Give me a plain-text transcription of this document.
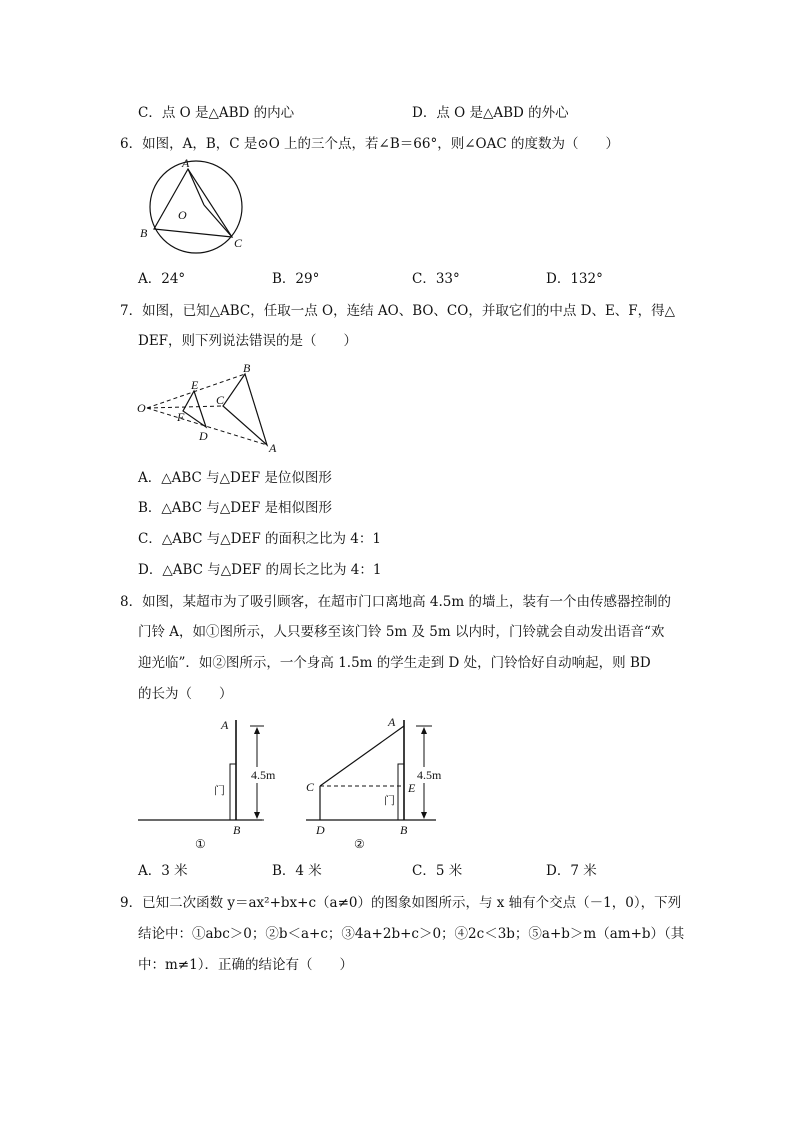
C．点 O 是△ABD 的内心	D．点 O 是△ABD 的外心
6．如图，A，B，C 是⊙O 上的三个点，若∠B＝66°，则∠OAC 的度数为（　　）
A
B
C
O
A．24°	B．29°	C．33°	D．132°
7．如图，已知△ABC，任取一点 O，连结 AO、BO、CO，并取它们的中点 D、E、F，得△
DEF，则下列说法错误的是（　　）
O
E
F
D
B
C
A
A．△ABC 与△DEF 是位似图形
B．△ABC 与△DEF 是相似图形
C．△ABC 与△DEF 的面积之比为 4：1
D．△ABC 与△DEF 的周长之比为 4：1
8．如图，某超市为了吸引顾客，在超市门口离地高 4.5m 的墙上，装有一个由传感器控制的
门铃 A，如①图所示，人只要移至该门铃 5m 及 5m 以内时，门铃就会自动发出语音“欢
迎光临”．如②图所示，一个身高 1.5m 的学生走到 D 处，门铃恰好自动响起，则 BD
的长为（　　）
4.5m
门
A
B
①
4.5m
门
A
B
C
D
E
②
A．3 米	B．4 米	C．5 米	D．7 米
9．已知二次函数 y＝ax²+bx+c（a≠0）的图象如图所示，与 x 轴有个交点（－1，0），下列
结论中：①abc＞0；②b＜a+c；③4a+2b+c＞0；④2c＜3b；⑤a+b＞m（am+b）（其
中：m≠1）．正确的结论有（　　）
